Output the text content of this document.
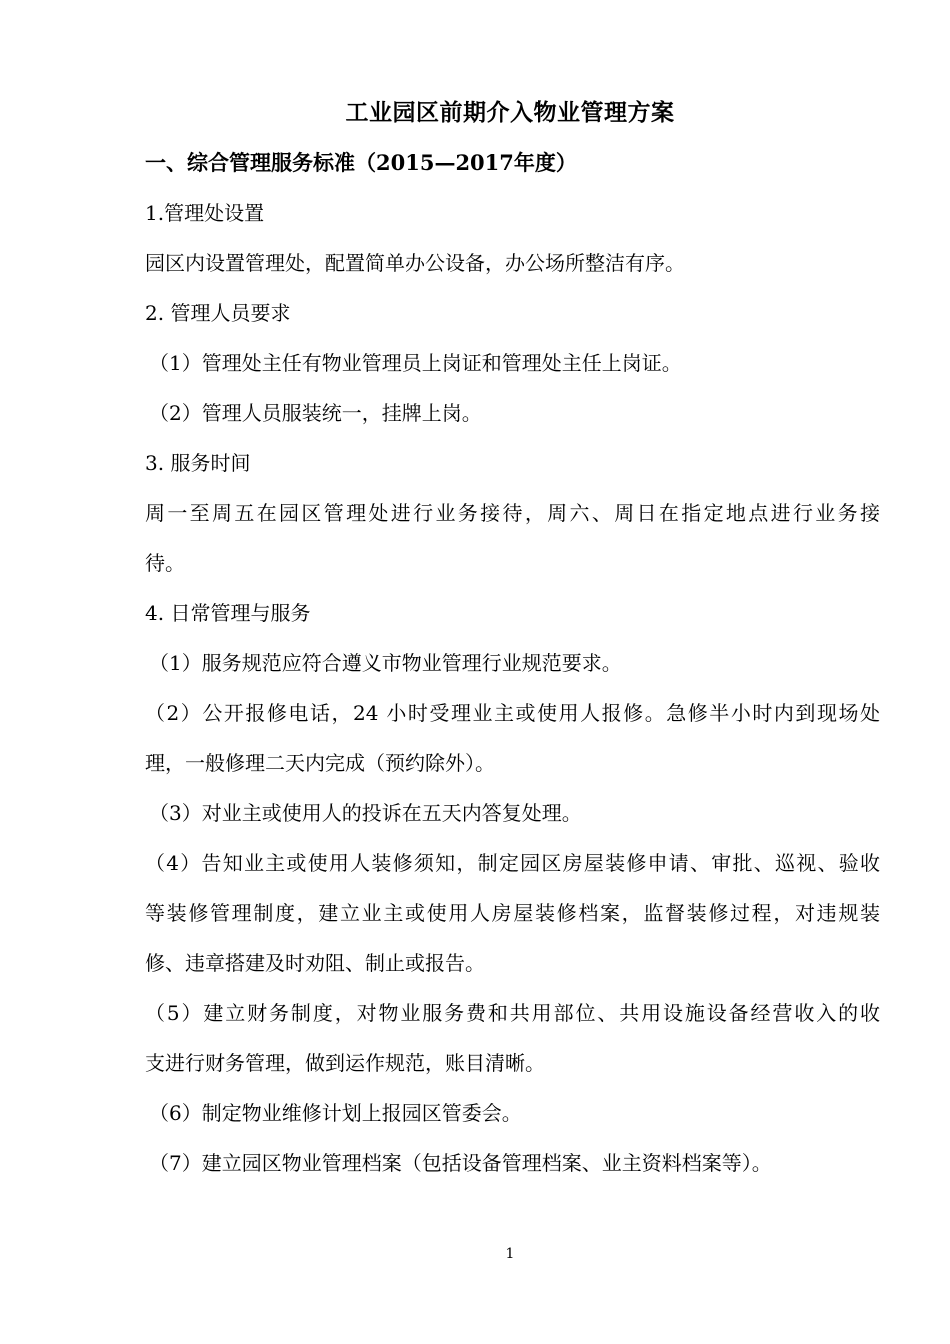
工业园区前期介入物业管理方案
一、综合管理服务标准（2015—2017年度）
1.管理处设置
园区内设置管理处，配置简单办公设备，办公场所整洁有序。
2. 管理人员要求
（1）管理处主任有物业管理员上岗证和管理处主任上岗证。
（2）管理人员服装统一，挂牌上岗。
3. 服务时间
周一至周五在园区管理处进行业务接待，周六、周日在指定地点进行业务接
待。
4. 日常管理与服务
（1）服务规范应符合遵义市物业管理行业规范要求。
（2）公开报修电话，24 小时受理业主或使用人报修。急修半小时内到现场处
理，一般修理二天内完成（预约除外）。
（3）对业主或使用人的投诉在五天内答复处理。
（4）告知业主或使用人装修须知，制定园区房屋装修申请、审批、巡视、验收
等装修管理制度，建立业主或使用人房屋装修档案，监督装修过程，对违规装
修、违章搭建及时劝阻、制止或报告。
（5）建立财务制度，对物业服务费和共用部位、共用设施设备经营收入的收
支进行财务管理，做到运作规范，账目清晰。
（6）制定物业维修计划上报园区管委会。
（7）建立园区物业管理档案（包括设备管理档案、业主资料档案等）。
1
